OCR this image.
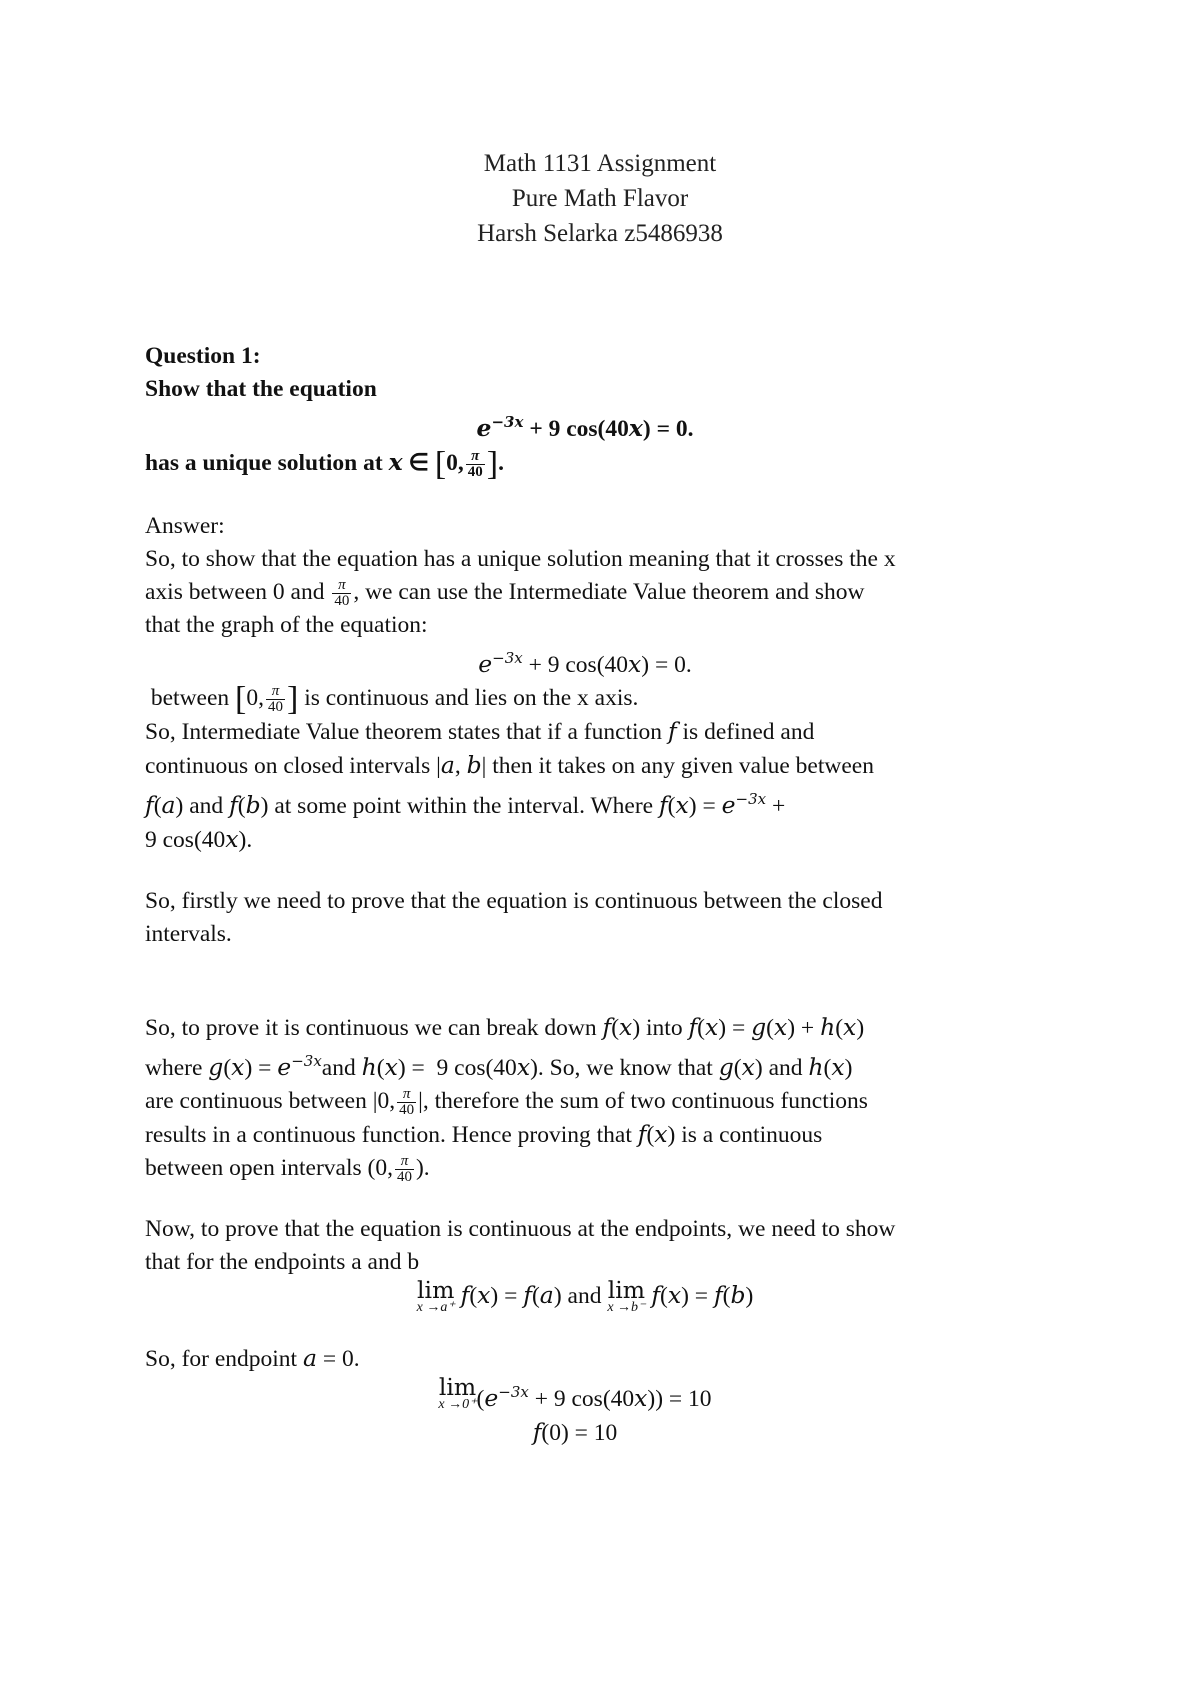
Math 1131 Assignment
Pure Math Flavor
Harsh Selarka z5486938
Question 1:
Show that the equation
$e^{-3x} + 9$ cos(40x) = 0.
has a unique solution at x ∈ [0, $\frac{\pi}{40}$ ].
Answer:
So, to show that the equation has a unique solution meaning that it crosses the x
axis between 0 and $\frac{\pi}{40}$ , we can use the Intermediate Value theorem and show
that the graph of the equation:
$e^{-3x} + 9$ cos(40x) = 0.
between [0, $\frac{\pi}{40}$ ] is continuous and lies on the x axis.
So, Intermediate Value theorem states that if a function f is defined and
continuous on closed intervals |a, b| then it takes on any given value between
f(a) and f(b) at some point within the interval. Where $f(x) = e^{-3x}$ +
9 cos(40x).
So, firstly we need to prove that the equation is continuous between the closed
intervals.
So, to prove it is continuous we can break down f(x) into f(x) = g(x) + h(x)
where $g(x) = e^{-3x}and$ h(x) =  9 cos(40x). So, we know that g(x) and h(x)
are continuous between |0, $\frac{\pi}{40}$ |, therefore the sum of two continuous functions
results in a continuous function. Hence proving that f(x) is a continuous
between open intervals (0, $\frac{\pi}{40}$ ).
Now, to prove that the equation is continuous at the endpoints, we need to show
that for the endpoints a and b
lim
x →a⁺ f(x) = f(a) and lim
x →b⁻ f(x) = f(b)
So, for endpoint a = 0.
lim
x →0⁺ ($e^{-3x} + 9$ cos(40x)) = 10
f(0) = 10
